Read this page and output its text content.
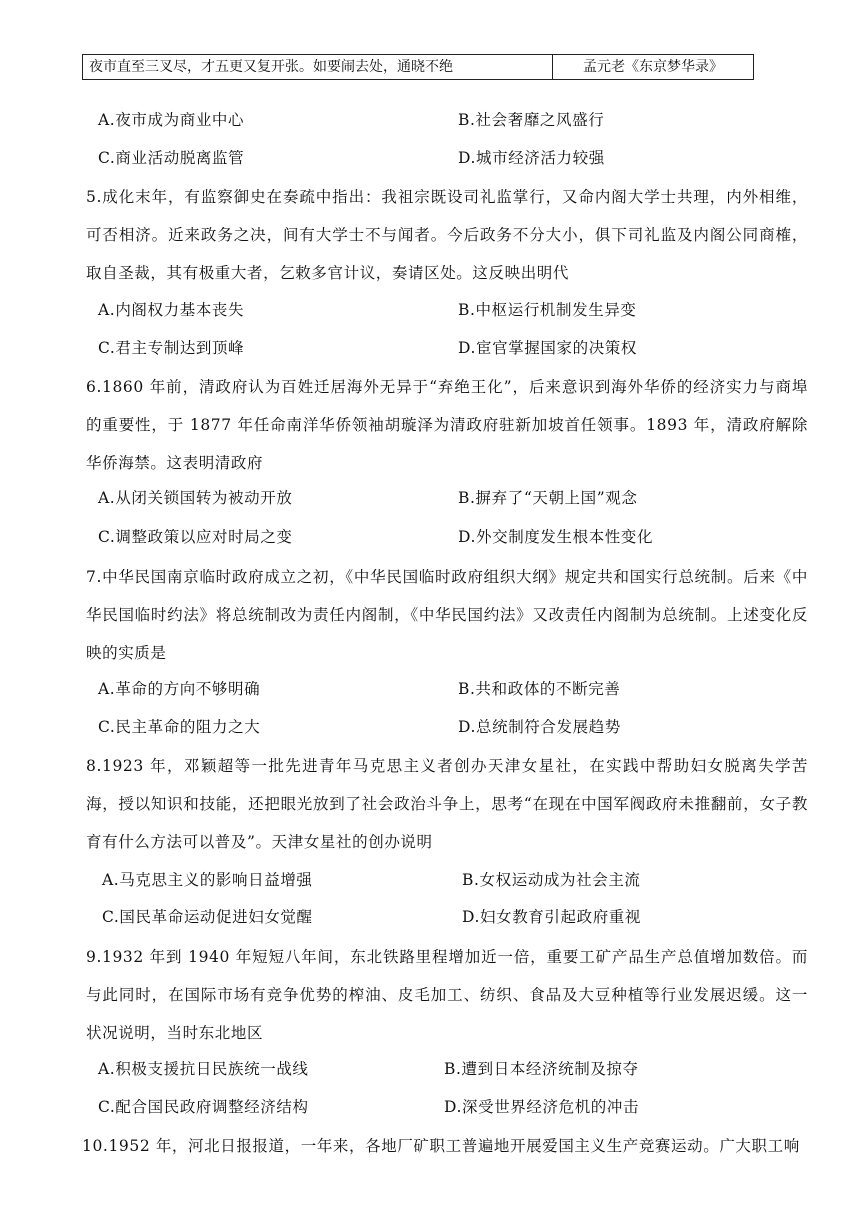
夜市直至三叉尽，才五更又复开张。如要闹去处，通晓不绝	孟元老《东京梦华录》
A.夜市成为商业中心	B.社会奢靡之风盛行
C.商业活动脱离监管	D.城市经济活力较强
5.成化末年，有监察御史在奏疏中指出：我祖宗既设司礼监掌行，又命内阁大学士共理，内外相维，可否相济。近来政务之决，间有大学士不与闻者。今后政务不分大小，俱下司礼监及内阁公同商榷，取自圣裁，其有极重大者，乞敕多官计议，奏请区处。这反映出明代
A.内阁权力基本丧失	B.中枢运行机制发生异变
C.君主专制达到顶峰	D.宦官掌握国家的决策权
6.1860 年前，清政府认为百姓迁居海外无异于“弃绝王化”，后来意识到海外华侨的经济实力与商埠的重要性，于 1877 年任命南洋华侨领袖胡璇泽为清政府驻新加坡首任领事。1893 年，清政府解除华侨海禁。这表明清政府
A.从闭关锁国转为被动开放	B.摒弃了“天朝上国”观念
C.调整政策以应对时局之变	D.外交制度发生根本性变化
7.中华民国南京临时政府成立之初，《中华民国临时政府组织大纲》规定共和国实行总统制。后来《中华民国临时约法》将总统制改为责任内阁制，《中华民国约法》又改责任内阁制为总统制。上述变化反映的实质是
A.革命的方向不够明确	B.共和政体的不断完善
C.民主革命的阻力之大	D.总统制符合发展趋势
8.1923 年，邓颖超等一批先进青年马克思主义者创办天津女星社，在实践中帮助妇女脱离失学苦海，授以知识和技能，还把眼光放到了社会政治斗争上，思考“在现在中国军阀政府未推翻前，女子教育有什么方法可以普及”。天津女星社的创办说明
A.马克思主义的影响日益增强	B.女权运动成为社会主流
C.国民革命运动促进妇女觉醒	D.妇女教育引起政府重视
9.1932 年到 1940 年短短八年间，东北铁路里程增加近一倍，重要工矿产品生产总值增加数倍。而与此同时，在国际市场有竞争优势的榨油、皮毛加工、纺织、食品及大豆种植等行业发展迟缓。这一状况说明，当时东北地区
A.积极支援抗日民族统一战线	B.遭到日本经济统制及掠夺
C.配合国民政府调整经济结构	D.深受世界经济危机的冲击
10.1952 年，河北日报报道，一年来，各地厂矿职工普遍地开展爱国主义生产竞赛运动。广大职工响
